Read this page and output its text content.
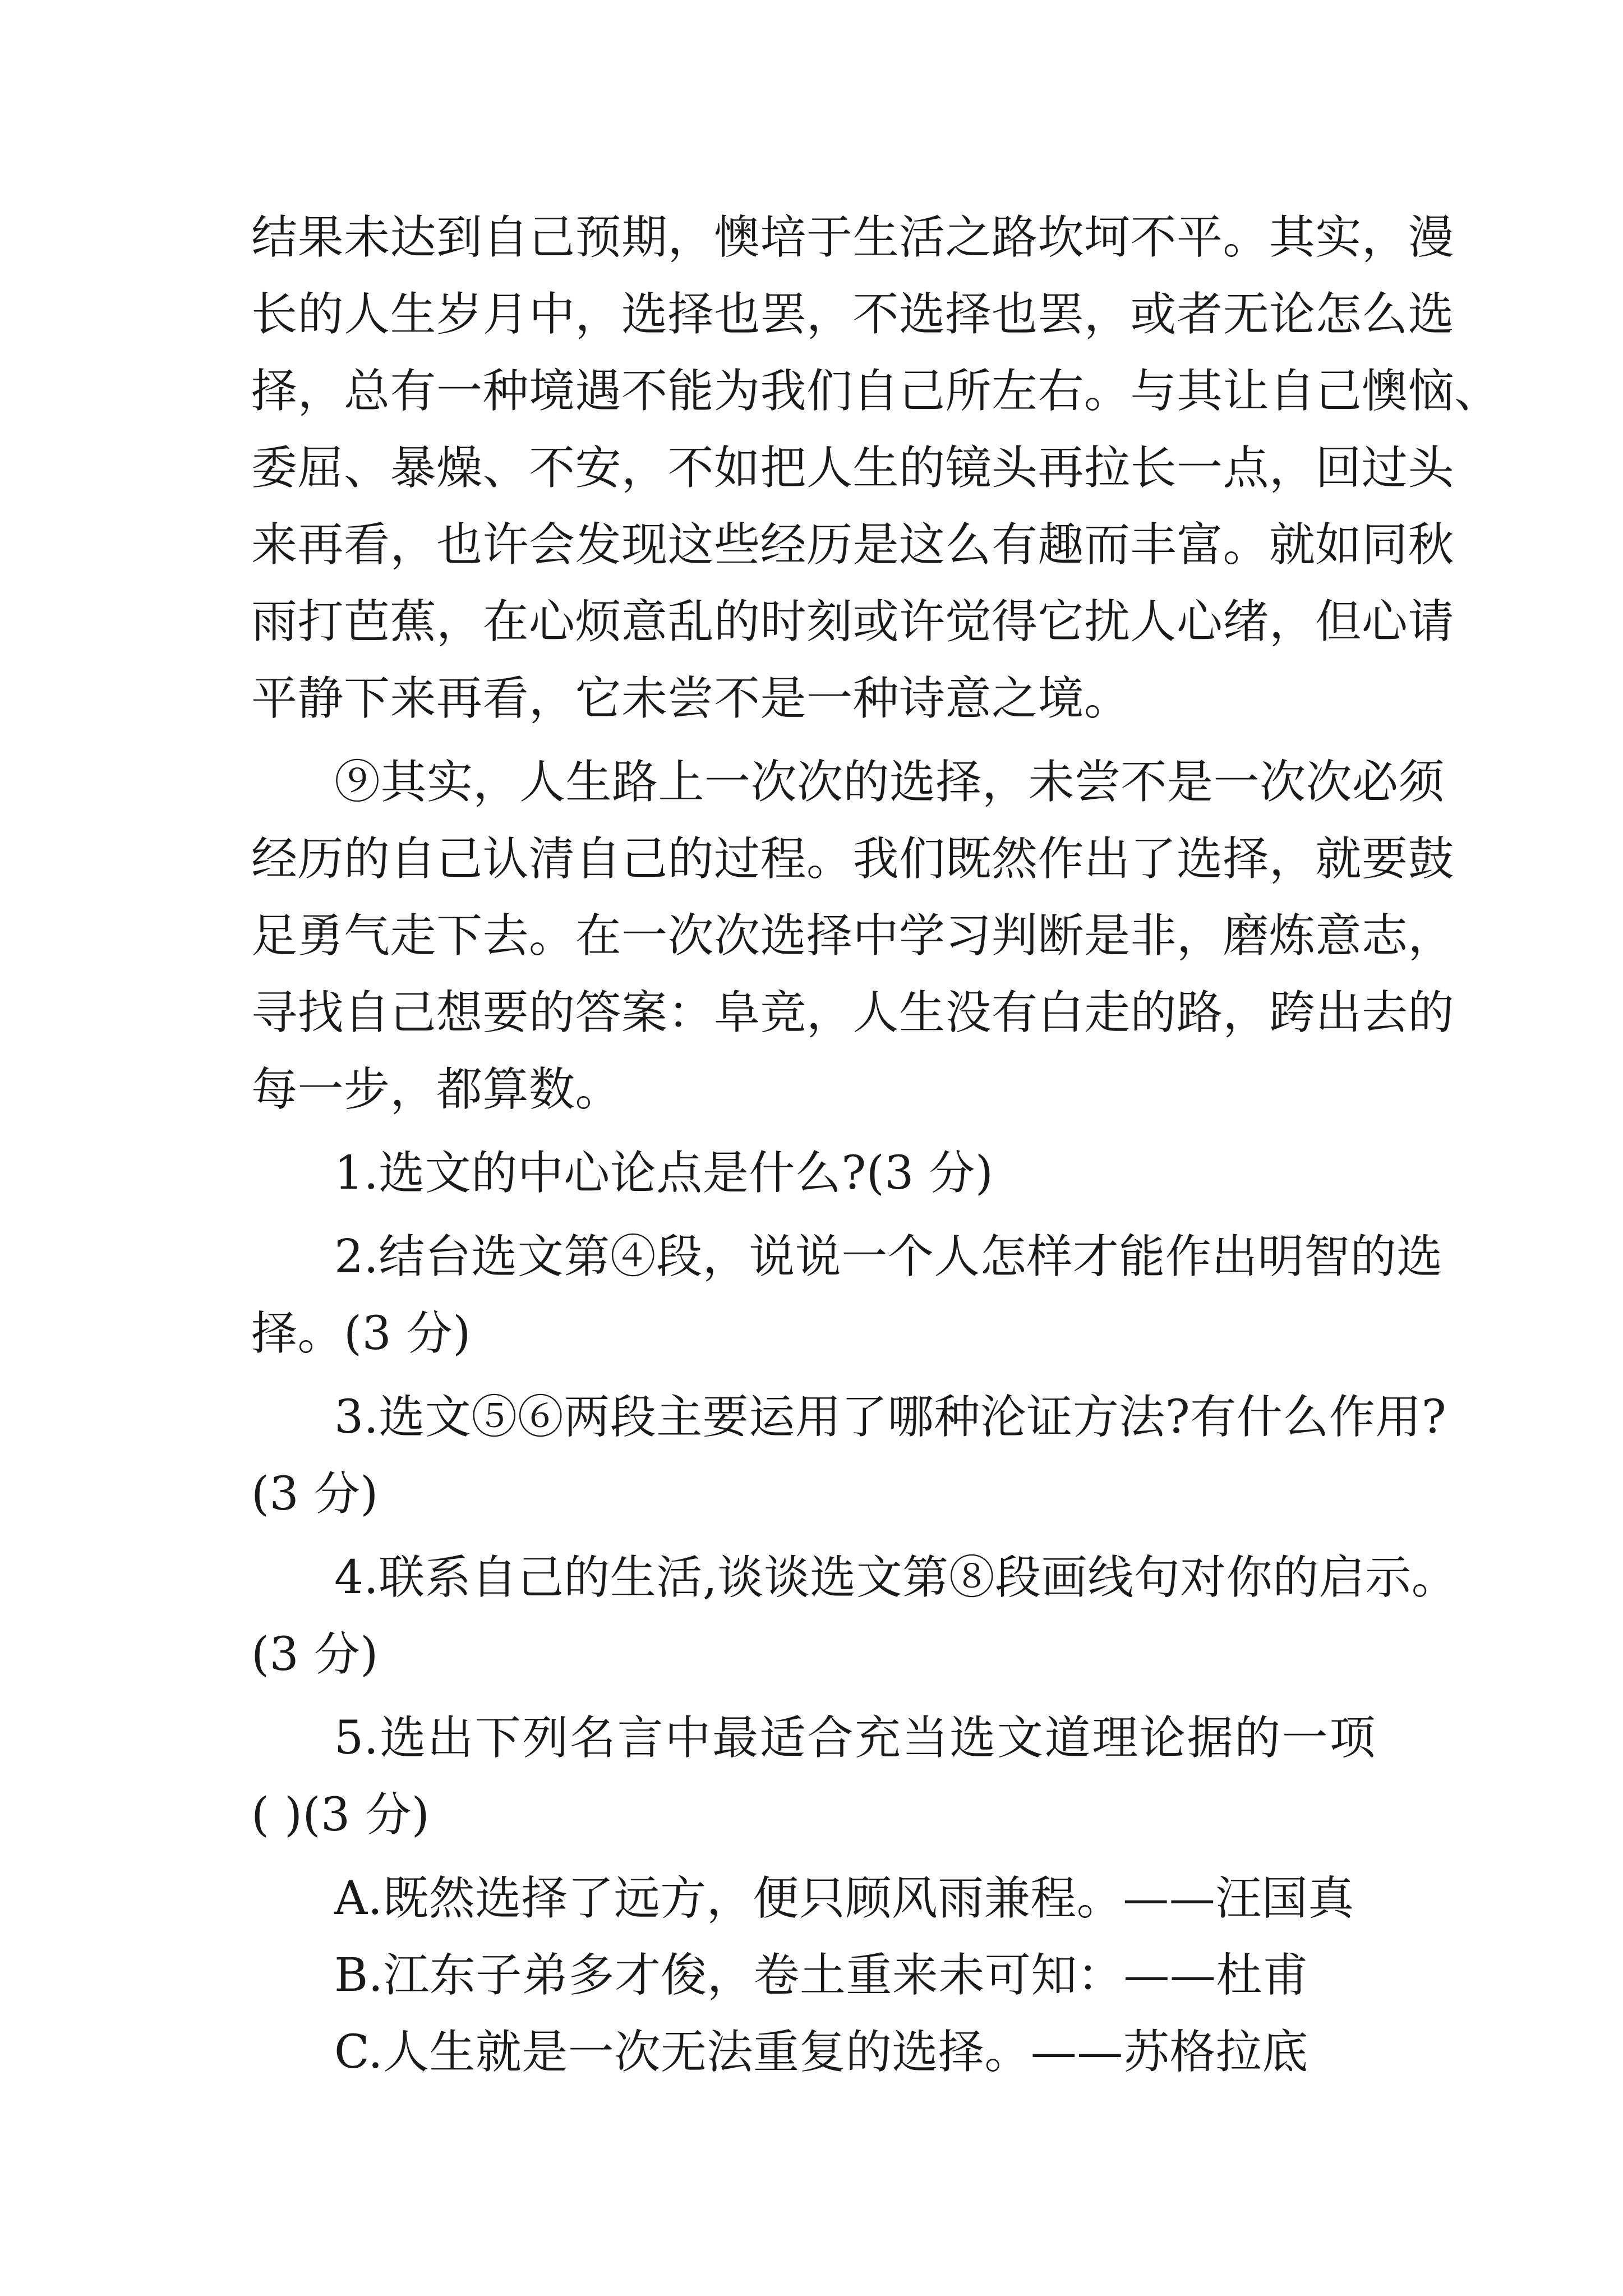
结果未达到自己预期，懊培于生活之路坎坷不平。其实，漫
长的人生岁月中，选择也罢，不选择也罢，或者无论怎么选
择，总有一种境遇不能为我们自己所左右。与其让自己懊恼、
委屈、暴燥、不安，不如把人生的镜头再拉长一点，回过头
来再看，也许会发现这些经历是这么有趣而丰富。就如同秋
雨打芭蕉，在心烦意乱的时刻或许觉得它扰人心绪，但心请
平静下来再看，它未尝不是一种诗意之境。
⑨其实，人生路上一次次的选择，未尝不是一次次必须
经历的自己认清自己的过程。我们既然作出了选择，就要鼓
足勇气走下去。在一次次选择中学习判断是非，磨炼意志，
寻找自己想要的答案：阜竞，人生没有白走的路，跨出去的
每一步，都算数。
1.选文的中心论点是什么?(3 分)
2.结台选文第④段，说说一个人怎样才能作出明智的选
择。(3 分)
3.选文⑤⑥两段主要运用了哪种沦证方法?有什么作用?
(3 分)
4.联系自己的生活,谈谈选文第⑧段画线句对你的启示。
(3 分)
5.选出下列名言中最适合充当选文道理论据的一项
( )(3 分)
A.既然选择了远方，便只顾风雨兼程。——汪国真
B.江东子弟多才俊，卷土重来未可知：——杜甫
C.人生就是一次无法重复的选择。——苏格拉底
